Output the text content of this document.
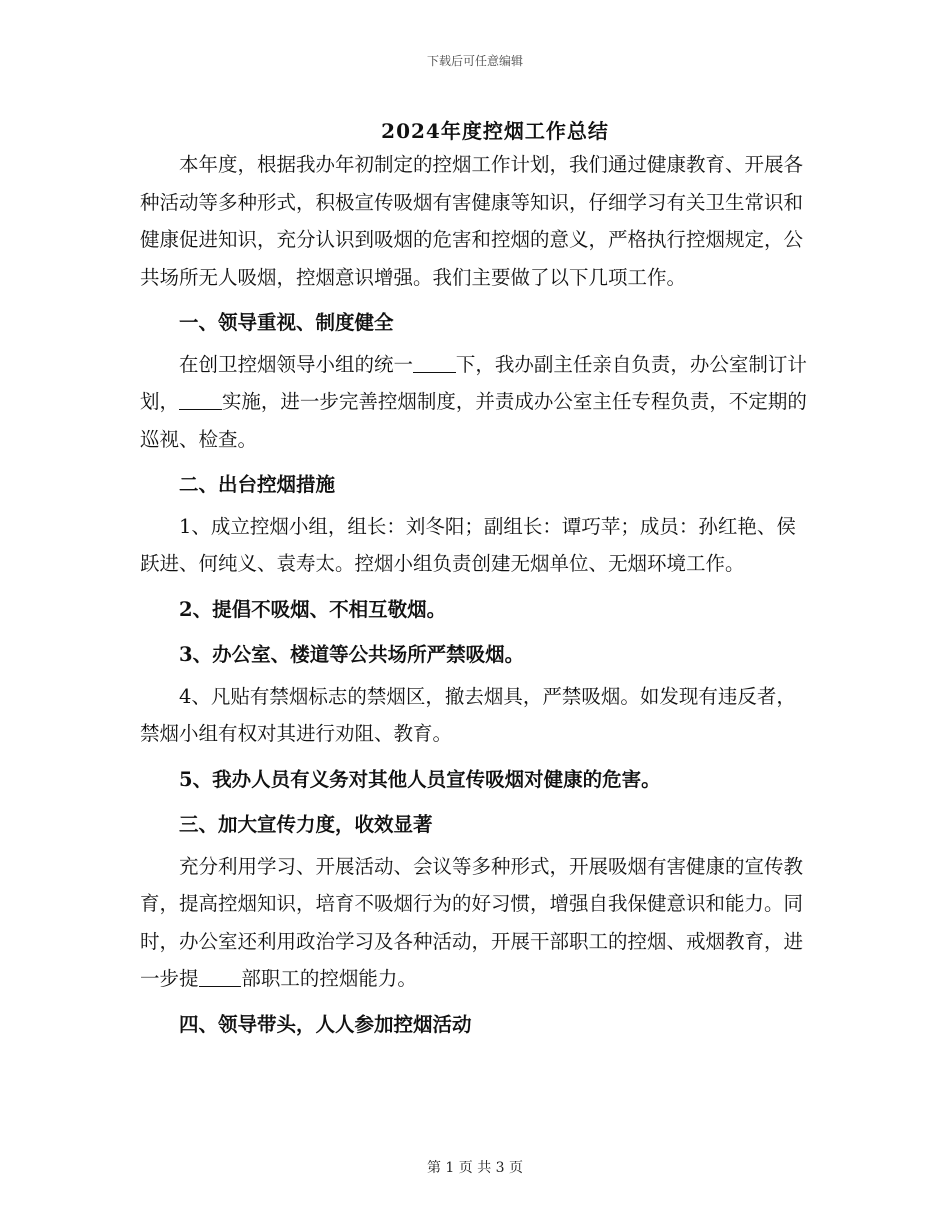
下载后可任意编辑
2024年度控烟工作总结

本年度，根据我办年初制定的控烟工作计划，我们通过健康教育、开展各种活动等多种形式，积极宣传吸烟有害健康等知识，仔细学习有关卫生常识和健康促进知识，充分认识到吸烟的危害和控烟的意义，严格执行控烟规定，公共场所无人吸烟，控烟意识增强。我们主要做了以下几项工作。

一、领导重视、制度健全

在创卫控烟领导小组的统一 下，我办副主任亲自负责，办公室制订计划， 实施，进一步完善控烟制度，并责成办公室主任专程负责，不定期的巡视、检查。

二、出台控烟措施

1、成立控烟小组，组长：刘冬阳；副组长：谭巧苹；成员：孙红艳、侯跃进、何纯义、袁寿太。控烟小组负责创建无烟单位、无烟环境工作。

2、提倡不吸烟、不相互敬烟。

3、办公室、楼道等公共场所严禁吸烟。

4、凡贴有禁烟标志的禁烟区，撤去烟具，严禁吸烟。如发现有违反者，禁烟小组有权对其进行劝阻、教育。

5、我办人员有义务对其他人员宣传吸烟对健康的危害。

三、加大宣传力度，收效显著

充分利用学习、开展活动、会议等多种形式，开展吸烟有害健康的宣传教育，提高控烟知识，培育不吸烟行为的好习惯，增强自我保健意识和能力。同时，办公室还利用政治学习及各种活动，开展干部职工的控烟、戒烟教育，进一步提 部职工的控烟能力。

四、领导带头，人人参加控烟活动

第 1 页 共 3 页
